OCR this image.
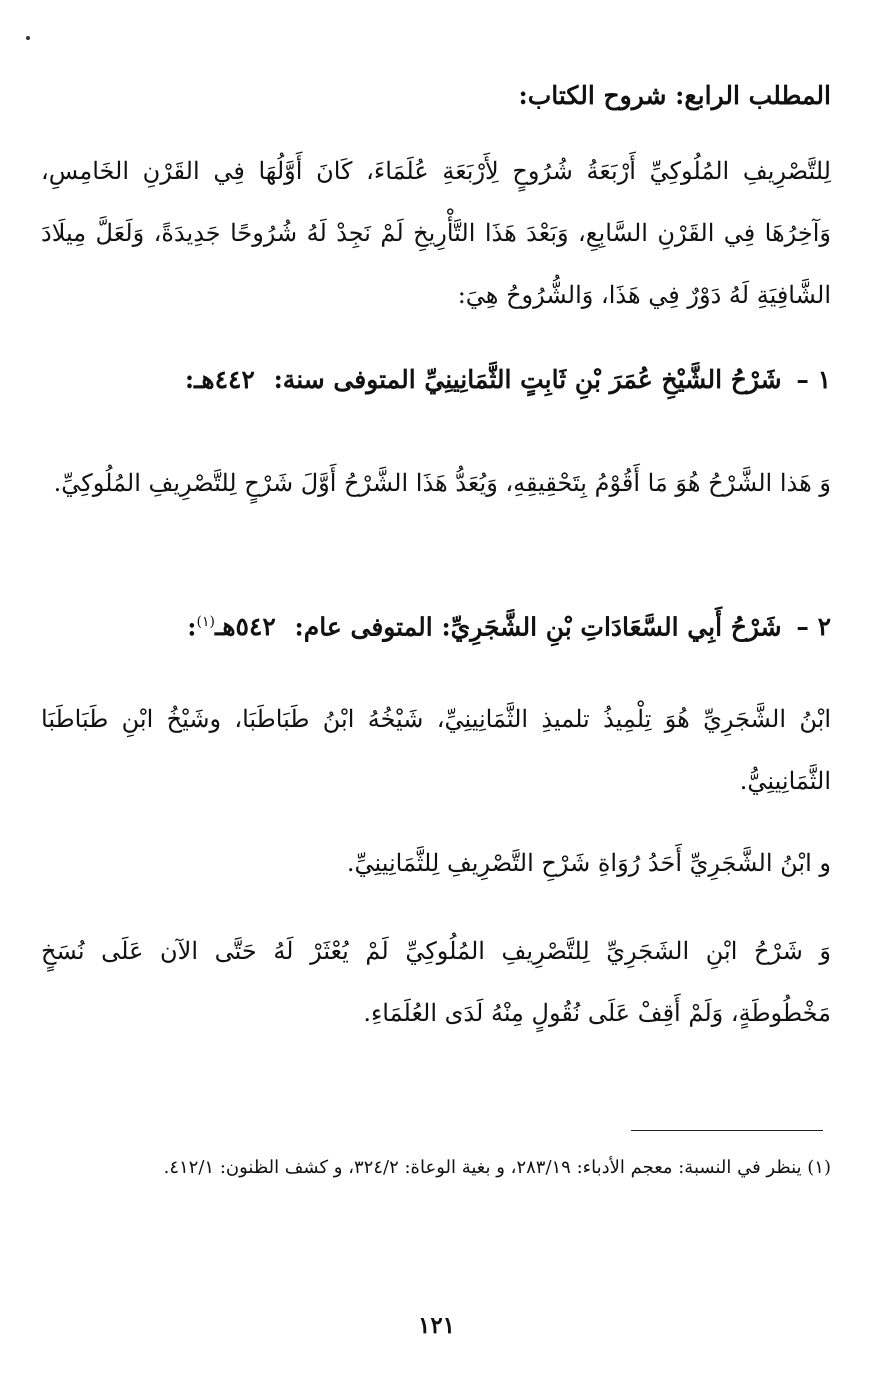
المطلب الرابع: شروح الكتاب:

لِلتَّصْرِيفِ المُلُوكِيِّ أَرْبَعَةُ شُرُوحٍ لِأَرْبَعَةِ عُلَمَاءَ، كَانَ أَوَّلُهَا فِي القَرْنِ الخَامِسِ، وَآخِرُهَا فِي القَرْنِ السَّابِعِ، وَبَعْدَ هَذَا التَّأْرِيخِ لَمْ نَجِدْ لَهُ شُرُوحًا جَدِيدَةً، وَلَعَلَّ مِيلَادَ الشَّافِيَةِ لَهُ دَوْرٌ فِي هَذَا، وَالشُّرُوحُ هِيَ:

١ – شَرْحُ الشَّيْخِ عُمَرَ بْنِ ثَابِتٍ الثَّمَانِينِيِّ المتوفى سنة: ٤٤٢هـ:

وَ هَذا الشَّرْحُ هُوَ مَا أَقُوْمُ بِتَحْقِيقِهِ، وَيُعَدُّ هَذَا الشَّرْحُ أَوَّلَ شَرْحٍ لِلتَّصْرِيفِ المُلُوكِيِّ.

٢ – شَرْحُ أَبِي السَّعَادَاتِ بْنِ الشَّجَرِيِّ: المتوفى عام: ٥٤٢هـ$^{(١)}$:

ابْنُ الشَّجَرِيِّ هُوَ تِلْمِيذُ تلميذِ الثَّمَانِينِيِّ، شَيْخُهُ ابْنُ طَبَاطَبَا، وشَيْخُ ابْنِ طَبَاطَبَا الثَّمَانِينِيُّ.

و ابْنُ الشَّجَرِيِّ أَحَدُ رُوَاةِ شَرْحِ التَّصْرِيفِ لِلثَّمَانِينِيِّ.

وَ شَرْحُ ابْنِ الشَجَرِيِّ لِلتَّصْرِيفِ المُلُوكِيِّ لَمْ يُعْثَرْ لَهُ حَتَّى الآن عَلَى نُسَخٍ مَخْطُوطَةٍ، وَلَمْ أَقِفْ عَلَى نُقُولٍ مِنْهُ لَدَى العُلَمَاءِ.

(١) ينظر في النسبة: معجم الأدباء: ٢٨٣/١٩، و بغية الوعاة: ٣٢٤/٢، و كشف الظنون: ٤١٢/١.

١٢١
